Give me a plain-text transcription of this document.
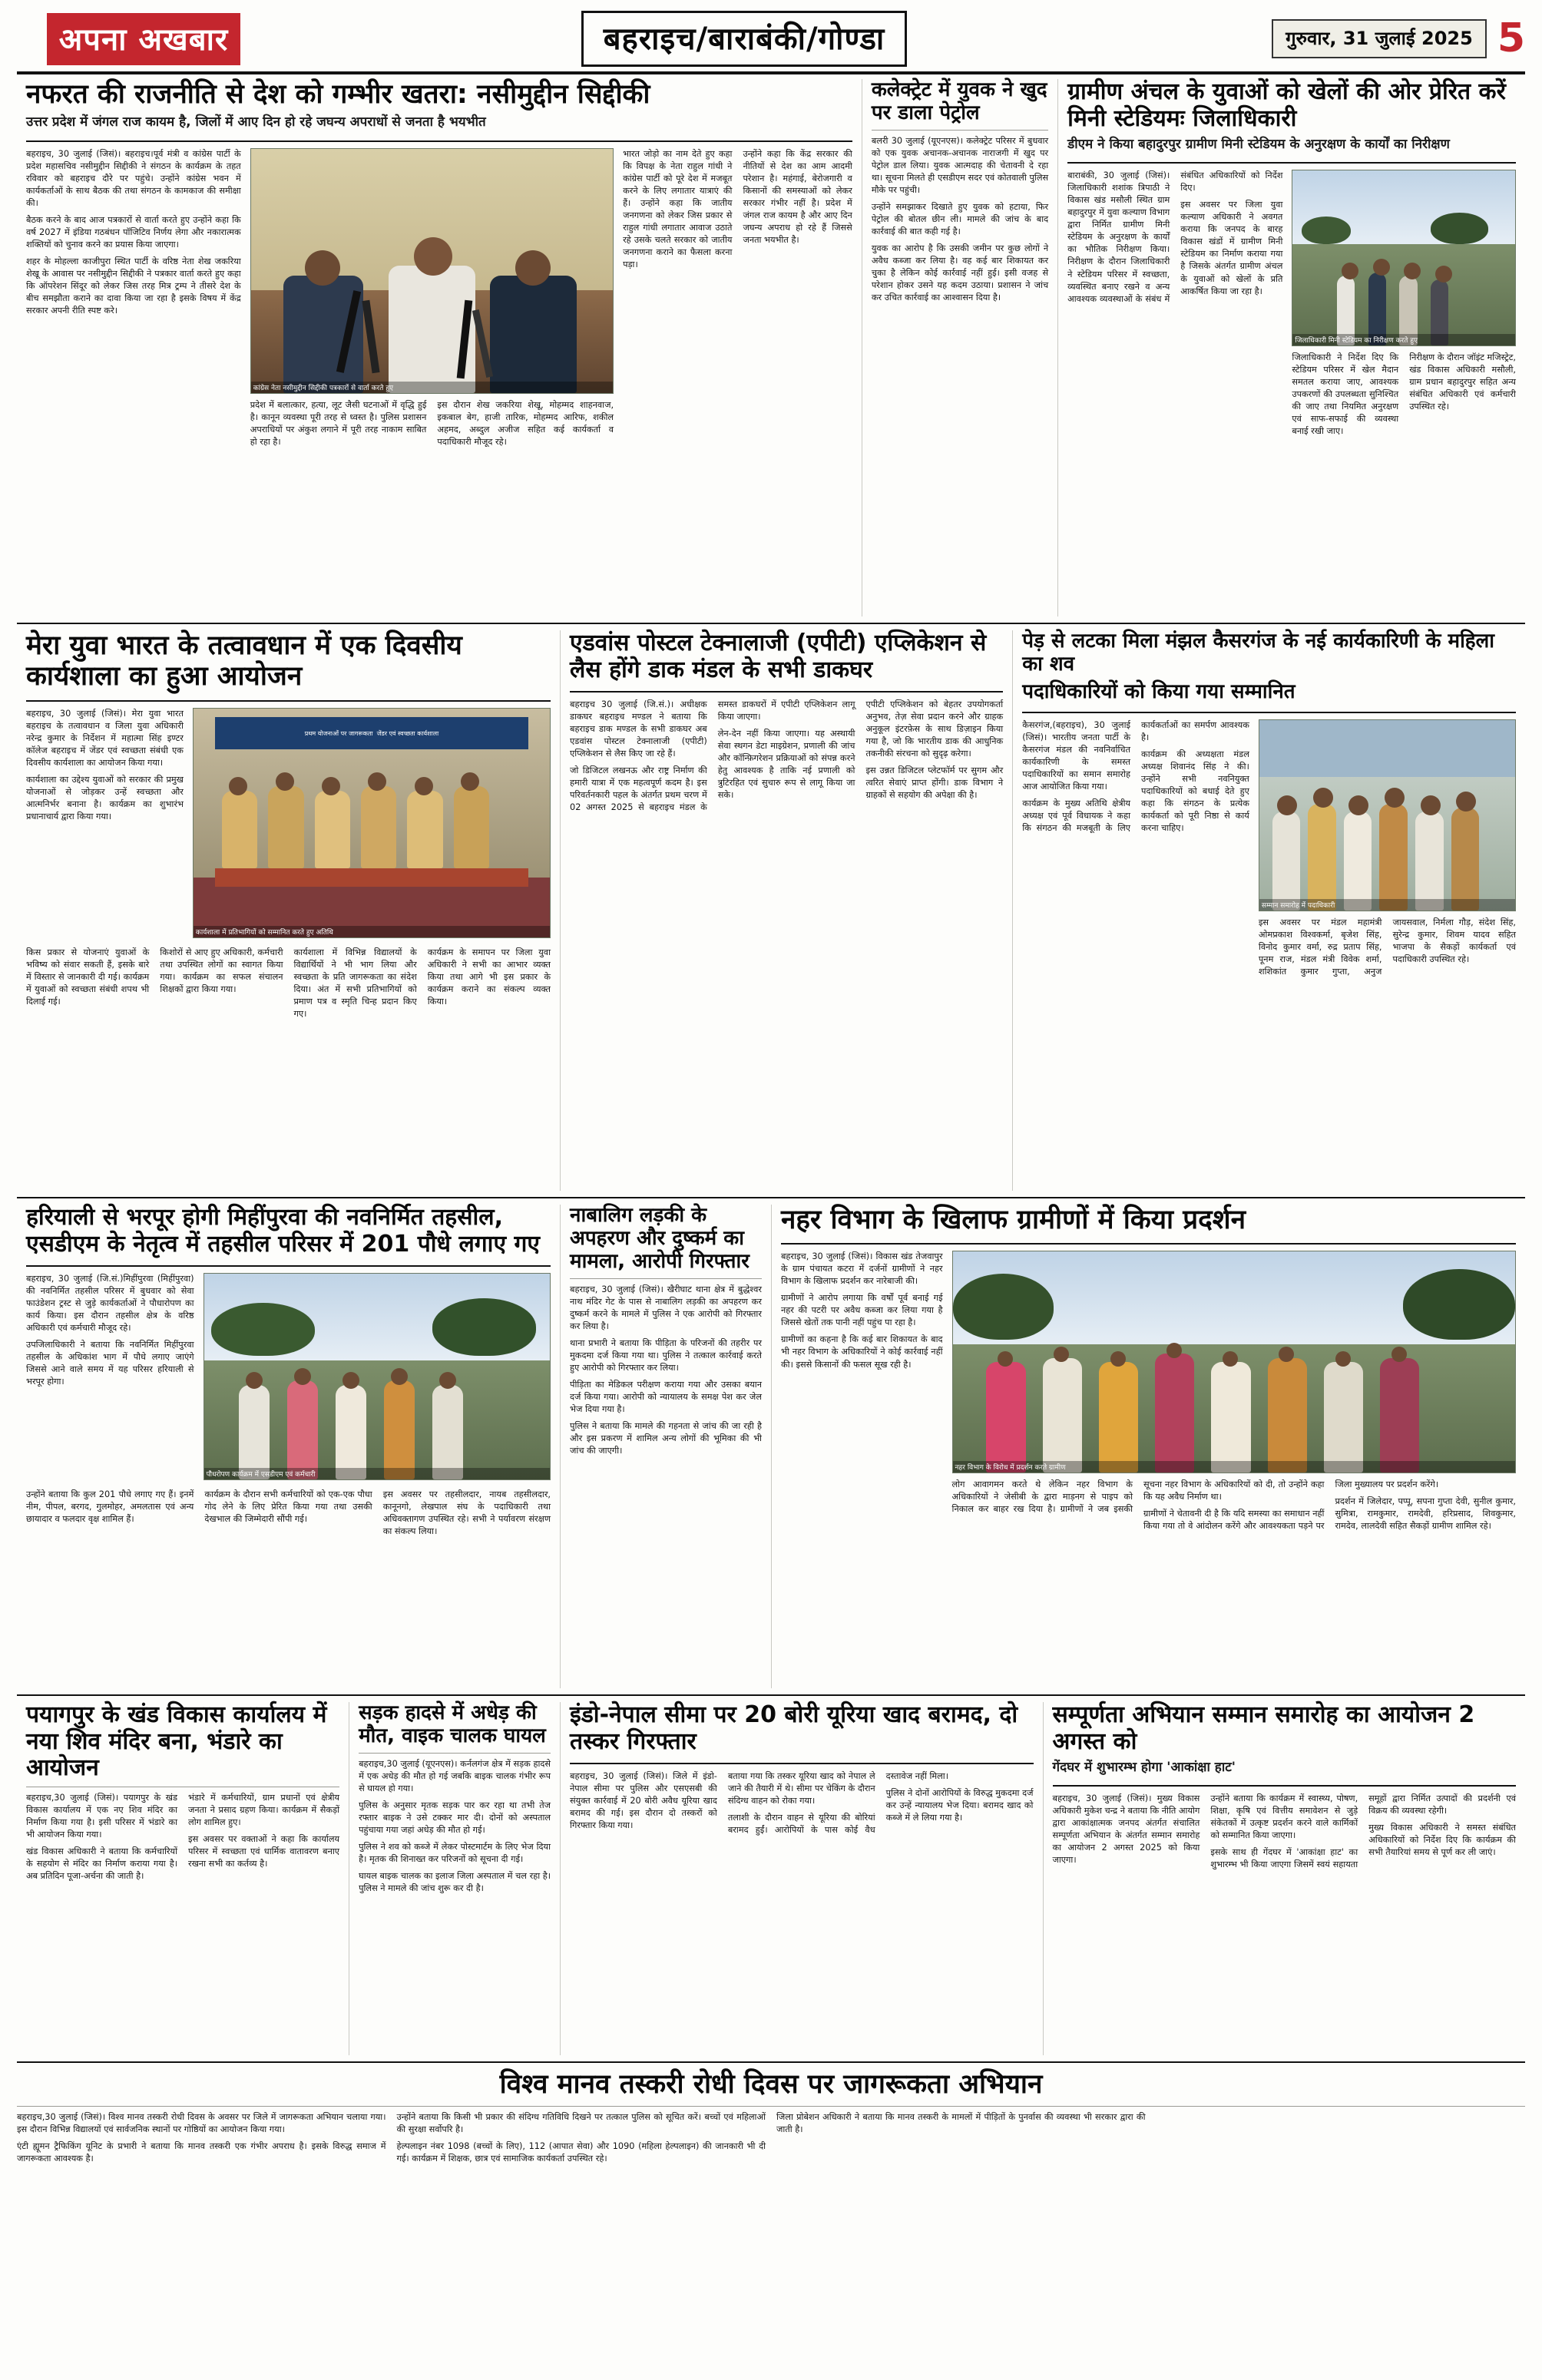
अपना अखबार	बहराइच/बाराबंकी/गोण्डा	गुरुवार, 31 जुलाई 2025 5
नफरत की राजनीति से देश को गम्भीर खतरा: नसीमुद्दीन सिद्दीकी
उत्तर प्रदेश में जंगल राज कायम है, जिलों में आए दिन हो रहे जघन्य अपराधों से जनता है भयभीत

बहराइच, 30 जुलाई (जिसं)। बहराइच।पूर्व मंत्री व कांग्रेस पार्टी के प्रदेश महासचिव नसीमुद्दीन सिद्दीकी ने संगठन के कार्यक्रम के तहत रविवार को बहराइच दौरे पर पहुंचे। उन्होंने कांग्रेस भवन में कार्यकर्ताओं के साथ बैठक की तथा संगठन के कामकाज की समीक्षा की।

बैठक करने के बाद आज पत्रकारों से वार्ता करते हुए उन्होंने कहा कि वर्ष 2027 में इंडिया गठबंधन पॉजिटिव निर्णय लेगा और नकारात्मक शक्तियों को चुनाव करने का प्रयास किया जाएगा।

शहर के मोहल्ला काजीपुरा स्थित पार्टी के वरिष्ठ नेता शेख जकरिया शेखू के आवास पर नसीमुद्दीन सिद्दीकी ने पत्रकार वार्ता करते हुए कहा कि ऑपरेशन सिंदूर को लेकर जिस तरह मित्र ट्रम्प ने तीसरे देश के बीच समझौता कराने का दावा किया जा रहा है इसके विषय में केंद्र सरकार अपनी रीति स्पष्ट करे।

कांग्रेस नेता नसीमुद्दीन सिद्दीकी पत्रकारों से वार्ता करते हुए

प्रदेश में बलात्कार, हत्या, लूट जैसी घटनाओं में वृद्धि हुई है। कानून व्यवस्था पूरी तरह से ध्वस्त है। पुलिस प्रशासन अपराधियों पर अंकुश लगाने में पूरी तरह नाकाम साबित हो रहा है।

इस दौरान शेख जकरिया शेखू, मोहम्मद शाहनवाज, इकबाल बेग, हाजी तारिक, मोहम्मद आरिफ, शकील अहमद, अब्दुल अजीज सहित कई कार्यकर्ता व पदाधिकारी मौजूद रहे।

भारत जोड़ो का नाम देते हुए कहा कि विपक्ष के नेता राहुल गांधी ने कांग्रेस पार्टी को पूरे देश में मजबूत करने के लिए लगातार यात्राएं की हैं। उन्होंने कहा कि जातीय जनगणना को लेकर जिस प्रकार से राहुल गांधी लगातार आवाज उठाते रहे उसके चलते सरकार को जातीय जनगणना कराने का फैसला करना पड़ा।

उन्होंने कहा कि केंद्र सरकार की नीतियों से देश का आम आदमी परेशान है। महंगाई, बेरोजगारी व किसानों की समस्याओं को लेकर सरकार गंभीर नहीं है। प्रदेश में जंगल राज कायम है और आए दिन जघन्य अपराध हो रहे हैं जिससे जनता भयभीत है।

कलेक्ट्रेट में युवक ने खुद पर डाला पेट्रोल

बलरी 30 जुलाई (यूएनएस)। कलेक्ट्रेट परिसर में बुधवार को एक युवक अचानक-अचानक नाराजगी में खुद पर पेट्रोल डाल लिया। युवक आत्मदाह की चेतावनी दे रहा था। सूचना मिलते ही एसडीएम सदर एवं कोतवाली पुलिस मौके पर पहुंची।

उन्होंने समझाकर दिखाते हुए युवक को हटाया, फिर पेट्रोल की बोतल छीन ली। मामले की जांच के बाद कार्रवाई की बात कही गई है।

युवक का आरोप है कि उसकी जमीन पर कुछ लोगों ने अवैध कब्जा कर लिया है। वह कई बार शिकायत कर चुका है लेकिन कोई कार्रवाई नहीं हुई। इसी वजह से परेशान होकर उसने यह कदम उठाया। प्रशासन ने जांच कर उचित कार्रवाई का आश्वासन दिया है।

ग्रामीण अंचल के युवाओं को खेलों की ओर प्रेरित करें मिनी स्टेडियमः जिलाधिकारी
डीएम ने किया बहादुरपुर ग्रामीण मिनी स्टेडियम के अनुरक्षण के कार्यों का निरीक्षण

बाराबंकी, 30 जुलाई (जिसं)। जिलाधिकारी शशांक त्रिपाठी ने विकास खंड मसौली स्थित ग्राम बहादुरपुर में युवा कल्याण विभाग द्वारा निर्मित ग्रामीण मिनी स्टेडियम के अनुरक्षण के कार्यों का भौतिक निरीक्षण किया। निरीक्षण के दौरान जिलाधिकारी ने स्टेडियम परिसर में स्वच्छता, व्यवस्थित बनाए रखने व अन्य आवश्यक व्यवस्थाओं के संबंध में संबंधित अधिकारियों को निर्देश दिए।

इस अवसर पर जिला युवा कल्याण अधिकारी ने अवगत कराया कि जनपद के बारह विकास खंडों में ग्रामीण मिनी स्टेडियम का निर्माण कराया गया है जिसके अंतर्गत ग्रामीण अंचल के युवाओं को खेलों के प्रति आकर्षित किया जा रहा है।

जिलाधिकारी मिनी स्टेडियम का निरीक्षण करते हुए

जिलाधिकारी ने निर्देश दिए कि स्टेडियम परिसर में खेल मैदान समतल कराया जाए, आवश्यक उपकरणों की उपलब्धता सुनिश्चित की जाए तथा नियमित अनुरक्षण एवं साफ-सफाई की व्यवस्था बनाई रखी जाए।

निरीक्षण के दौरान जॉइंट मजिस्ट्रेट, खंड विकास अधिकारी मसौली, ग्राम प्रधान बहादुरपुर सहित अन्य संबंधित अधिकारी एवं कर्मचारी उपस्थित रहे।

मेरा युवा भारत के तत्वावधान में एक दिवसीय कार्यशाला का हुआ आयोजन

बहराइच, 30 जुलाई (जिसं)। मेरा युवा भारत बहराइच के तत्वावधान व जिला युवा अधिकारी नरेन्द्र कुमार के निर्देशन में महात्मा सिंह इण्टर कॉलेज बहराइच में जेंडर एवं स्वच्छता संबंधी एक दिवसीय कार्यशाला का आयोजन किया गया।

कार्यशाला का उद्देश्य युवाओं को सरकार की प्रमुख योजनाओं से जोड़कर उन्हें स्वच्छता और आत्मनिर्भर बनाना है। कार्यक्रम का शुभारंभ प्रधानाचार्य द्वारा किया गया।

प्रथम योजनाओं पर जागरूकता  जेंडर एवं स्वच्छता कार्यशाला
कार्यशाला में प्रतिभागियों को सम्मानित करते हुए अतिथि

किस प्रकार से योजनाएं युवाओं के भविष्य को संवार सकती हैं, इसके बारे में विस्तार से जानकारी दी गई। कार्यक्रम में युवाओं को स्वच्छता संबंधी शपथ भी दिलाई गई।

किशोरों से आए हुए अधिकारी, कर्मचारी तथा उपस्थित लोगों का स्वागत किया गया। कार्यक्रम का सफल संचालन शिक्षकों द्वारा किया गया।

कार्यशाला में विभिन्न विद्यालयों के विद्यार्थियों ने भी भाग लिया और स्वच्छता के प्रति जागरूकता का संदेश दिया। अंत में सभी प्रतिभागियों को प्रमाण पत्र व स्मृति चिन्ह प्रदान किए गए।

कार्यक्रम के समापन पर जिला युवा अधिकारी ने सभी का आभार व्यक्त किया तथा आगे भी इस प्रकार के कार्यक्रम कराने का संकल्प व्यक्त किया।

एडवांस पोस्टल टेक्नालाजी (एपीटी) एप्लिकेशन से लैस होंगे डाक मंडल के सभी डाकघर

बहराइच 30 जुलाई (जि.सं.)। अधीक्षक डाकघर बहराइच मण्डल ने बताया कि बहराइच डाक मण्डल के सभी डाकघर अब एडवांस पोस्टल टेक्नालाजी (एपीटी) एप्लिकेशन से लैस किए जा रहे हैं।

जो डिजिटल लखनऊ और राष्ट्र निर्माण की हमारी यात्रा में एक महत्वपूर्ण कदम है। इस परिवर्तनकारी पहल के अंतर्गत प्रथम चरण में 02 अगस्त 2025 से बहराइच मंडल के समस्त डाकघरों में एपीटी एप्लिकेशन लागू किया जाएगा।

लेन-देन नहीं किया जाएगा। यह अस्थायी सेवा स्थगन डेटा माइग्रेशन, प्रणाली की जांच और कॉन्फ़िगरेशन प्रक्रियाओं को संपन्न करने हेतु आवश्यक है ताकि नई प्रणाली को त्रुटिरहित एवं सुचारु रूप से लागू किया जा सके।

एपीटी एप्लिकेशन को बेहतर उपयोगकर्ता अनुभव, तेज़ सेवा प्रदान करने और ग्राहक अनुकूल इंटरफ़ेस के साथ डिज़ाइन किया गया है, जो कि भारतीय डाक की आधुनिक तकनीकी संरचना को सुदृढ़ करेगा।

इस उन्नत डिजिटल प्लेटफॉर्म पर सुगम और त्वरित सेवाएं प्राप्त होंगी। डाक विभाग ने ग्राहकों से सहयोग की अपेक्षा की है।

पेड़ से लटका मिला मंझल कैसरगंज के नई कार्यकारिणी के महिला का शव
पदाधिकारियों को किया गया सम्मानित

कैसरगंज,(बहराइच), 30 जुलाई (जिसं)। भारतीय जनता पार्टी के कैसरगंज मंडल की नवनिर्वाचित कार्यकारिणी के समस्त पदाधिकारियों का समान समारोह आज आयोजित किया गया।

कार्यक्रम के मुख्य अतिथि क्षेत्रीय अध्यक्ष एवं पूर्व विधायक ने कहा कि संगठन की मजबूती के लिए कार्यकर्ताओं का समर्पण आवश्यक है।

कार्यक्रम की अध्यक्षता मंडल अध्यक्ष शिवानंद सिंह ने की। उन्होंने सभी नवनियुक्त पदाधिकारियों को बधाई देते हुए कहा कि संगठन के प्रत्येक कार्यकर्ता को पूरी निष्ठा से कार्य करना चाहिए।

सम्मान समारोह में पदाधिकारी

इस अवसर पर मंडल महामंत्री ओमप्रकाश विश्वकर्मा, बृजेश सिंह, विनोद कुमार वर्मा, रुद्र प्रताप सिंह, पूनम राज, मंडल मंत्री विवेक शर्मा, शशिकांत कुमार गुप्ता, अनुज जायसवाल, निर्मला गौड़, संदेश सिंह, सुरेन्द्र कुमार, शिवम यादव सहित भाजपा के सैकड़ों कार्यकर्ता एवं पदाधिकारी उपस्थित रहे।

हरियाली से भरपूर होगी मिहींपुरवा की नवनिर्मित तहसील, एसडीएम के नेतृत्व में तहसील परिसर में 201 पौधे लगाए गए

बहराइच, 30 जुलाई (जि.सं.)मिहींपुरवा (मिहींपुरवा) की नवनिर्मित तहसील परिसर में बुधवार को सेवा फाउंडेशन ट्रस्ट से जुड़े कार्यकर्ताओं ने पौधारोपण का कार्य किया। इस दौरान तहसील क्षेत्र के वरिष्ठ अधिकारी एवं कर्मचारी मौजूद रहे।

उपजिलाधिकारी ने बताया कि नवनिर्मित मिहींपुरवा तहसील के अधिकांश भाग में पौधे लगाए जाएंगे जिससे आने वाले समय में यह परिसर हरियाली से भरपूर होगा।

पौधरोपण कार्यक्रम में एसडीएम एवं कर्मचारी

उन्होंने बताया कि कुल 201 पौधे लगाए गए हैं। इनमें नीम, पीपल, बरगद, गुलमोहर, अमलतास एवं अन्य छायादार व फलदार वृक्ष शामिल हैं।

कार्यक्रम के दौरान सभी कर्मचारियों को एक-एक पौधा गोद लेने के लिए प्रेरित किया गया तथा उसकी देखभाल की जिम्मेदारी सौंपी गई।

इस अवसर पर तहसीलदार, नायब तहसीलदार, कानूनगो, लेखपाल संघ के पदाधिकारी तथा अधिवक्तागण उपस्थित रहे। सभी ने पर्यावरण संरक्षण का संकल्प लिया।

नाबालिग लड़की के अपहरण और दुष्कर्म का मामला, आरोपी गिरफ्तार

बहराइच, 30 जुलाई (जिसं)। खैरीघाट थाना क्षेत्र में बुद्धेश्वर नाथ मंदिर गेट के पास से नाबालिग लड़की का अपहरण कर दुष्कर्म करने के मामले में पुलिस ने एक आरोपी को गिरफ्तार कर लिया है।

थाना प्रभारी ने बताया कि पीड़िता के परिजनों की तहरीर पर मुकदमा दर्ज किया गया था। पुलिस ने तत्काल कार्रवाई करते हुए आरोपी को गिरफ्तार कर लिया।

पीड़िता का मेडिकल परीक्षण कराया गया और उसका बयान दर्ज किया गया। आरोपी को न्यायालय के समक्ष पेश कर जेल भेज दिया गया है।

पुलिस ने बताया कि मामले की गहनता से जांच की जा रही है और इस प्रकरण में शामिल अन्य लोगों की भूमिका की भी जांच की जाएगी।

नहर विभाग के खिलाफ ग्रामीणों में किया प्रदर्शन

बहराइच, 30 जुलाई (जिसं)। विकास खंड तेजवापुर के ग्राम पंचायत कटरा में दर्जनों ग्रामीणों ने नहर विभाग के खिलाफ प्रदर्शन कर नारेबाजी की।

ग्रामीणों ने आरोप लगाया कि वर्षों पूर्व बनाई गई नहर की पटरी पर अवैध कब्जा कर लिया गया है जिससे खेतों तक पानी नहीं पहुंच पा रहा है।

ग्रामीणों का कहना है कि कई बार शिकायत के बाद भी नहर विभाग के अधिकारियों ने कोई कार्रवाई नहीं की। इससे किसानों की फसल सूख रही है।

नहर विभाग के विरोध में प्रदर्शन करते ग्रामीण

लोग आवागमन करते थे लेकिन नहर विभाग के अधिकारियों ने जेसीबी के द्वारा माड़नग से पाइप को निकाल कर बाहर रख दिया है। ग्रामीणों ने जब इसकी सूचना नहर विभाग के अधिकारियों को दी, तो उन्होंने कहा कि यह अवैध निर्माण था।

ग्रामीणों ने चेतावनी दी है कि यदि समस्या का समाधान नहीं किया गया तो वे आंदोलन करेंगे और आवश्यकता पड़ने पर जिला मुख्यालय पर प्रदर्शन करेंगे।

प्रदर्शन में जिलेदार, पप्पू, सपना गुप्ता देवी, सुनील कुमार, सुमित्रा, रामकुमार, रामदेवी, हरिप्रसाद, शिवकुमार, रामदेव, लालदेवी सहित सैकड़ों ग्रामीण शामिल रहे।

पयागपुर के खंड विकास कार्यालय में नया शिव मंदिर बना, भंडारे का आयोजन

बहराइच,30 जुलाई (जिसं)। पयागपुर के खंड विकास कार्यालय में एक नए शिव मंदिर का निर्माण किया गया है। इसी परिसर में भंडारे का भी आयोजन किया गया।

खंड विकास अधिकारी ने बताया कि कर्मचारियों के सहयोग से मंदिर का निर्माण कराया गया है। अब प्रतिदिन पूजा-अर्चना की जाती है।

भंडारे में कर्मचारियों, ग्राम प्रधानों एवं क्षेत्रीय जनता ने प्रसाद ग्रहण किया। कार्यक्रम में सैकड़ों लोग शामिल हुए।

इस अवसर पर वक्ताओं ने कहा कि कार्यालय परिसर में स्वच्छता एवं धार्मिक वातावरण बनाए रखना सभी का कर्तव्य है।

सड़क हादसे में अधेड़ की मौत, वाइक चालक घायल

बहराइच,30 जुलाई (यूएनएस)। कर्नलगंज क्षेत्र में सड़क हादसे में एक अधेड़ की मौत हो गई जबकि बाइक चालक गंभीर रूप से घायल हो गया।

पुलिस के अनुसार मृतक सड़क पार कर रहा था तभी तेज रफ्तार बाइक ने उसे टक्कर मार दी। दोनों को अस्पताल पहुंचाया गया जहां अधेड़ की मौत हो गई।

पुलिस ने शव को कब्जे में लेकर पोस्टमार्टम के लिए भेज दिया है। मृतक की शिनाख्त कर परिजनों को सूचना दी गई।

घायल बाइक चालक का इलाज जिला अस्पताल में चल रहा है। पुलिस ने मामले की जांच शुरू कर दी है।

इंडो-नेपाल सीमा पर 20 बोरी यूरिया खाद बरामद, दो तस्कर गिरफ्तार

बहराइच, 30 जुलाई (जिसं)। जिले में इंडो-नेपाल सीमा पर पुलिस और एसएसबी की संयुक्त कार्रवाई में 20 बोरी अवैध यूरिया खाद बरामद की गई। इस दौरान दो तस्करों को गिरफ्तार किया गया।

बताया गया कि तस्कर यूरिया खाद को नेपाल ले जाने की तैयारी में थे। सीमा पर चेकिंग के दौरान संदिग्ध वाहन को रोका गया।

तलाशी के दौरान वाहन से यूरिया की बोरियां बरामद हुईं। आरोपियों के पास कोई वैध दस्तावेज नहीं मिला।

पुलिस ने दोनों आरोपियों के विरुद्ध मुकदमा दर्ज कर उन्हें न्यायालय भेज दिया। बरामद खाद को कब्जे में ले लिया गया है।

सम्पूर्णता अभियान सम्मान समारोह का आयोजन 2 अगस्त को
गेंदघर में शुभारम्भ होगा 'आकांक्षा हाट'

बहराइच, 30 जुलाई (जिसं)। मुख्य विकास अधिकारी मुकेश चन्द्र ने बताया कि नीति आयोग द्वारा आकांक्षात्मक जनपद अंतर्गत संचालित सम्पूर्णता अभियान के अंतर्गत सम्मान समारोह का आयोजन 2 अगस्त 2025 को किया जाएगा।

उन्होंने बताया कि कार्यक्रम में स्वास्थ्य, पोषण, शिक्षा, कृषि एवं वित्तीय समावेशन से जुड़े संकेतकों में उत्कृष्ट प्रदर्शन करने वाले कार्मिकों को सम्मानित किया जाएगा।

इसके साथ ही गेंदघर में 'आकांक्षा हाट' का शुभारम्भ भी किया जाएगा जिसमें स्वयं सहायता समूहों द्वारा निर्मित उत्पादों की प्रदर्शनी एवं विक्रय की व्यवस्था रहेगी।

मुख्य विकास अधिकारी ने समस्त संबंधित अधिकारियों को निर्देश दिए कि कार्यक्रम की सभी तैयारियां समय से पूर्ण कर ली जाएं।

विश्व मानव तस्करी रोधी दिवस पर जागरूकता अभियान

बहराइच,30 जुलाई (जिसं)। विश्व मानव तस्करी रोधी दिवस के अवसर पर जिले में जागरूकता अभियान चलाया गया। इस दौरान विभिन्न विद्यालयों एवं सार्वजनिक स्थानों पर गोष्ठियों का आयोजन किया गया।

एंटी ह्यूमन ट्रैफिकिंग यूनिट के प्रभारी ने बताया कि मानव तस्करी एक गंभीर अपराध है। इसके विरुद्ध समाज में जागरूकता आवश्यक है।

उन्होंने बताया कि किसी भी प्रकार की संदिग्ध गतिविधि दिखने पर तत्काल पुलिस को सूचित करें। बच्चों एवं महिलाओं की सुरक्षा सर्वोपरि है।

हेल्पलाइन नंबर 1098 (बच्चों के लिए), 112 (आपात सेवा) और 1090 (महिला हेल्पलाइन) की जानकारी भी दी गई। कार्यक्रम में शिक्षक, छात्र एवं सामाजिक कार्यकर्ता उपस्थित रहे।

जिला प्रोबेशन अधिकारी ने बताया कि मानव तस्करी के मामलों में पीड़ितों के पुनर्वास की व्यवस्था भी सरकार द्वारा की जाती है।
